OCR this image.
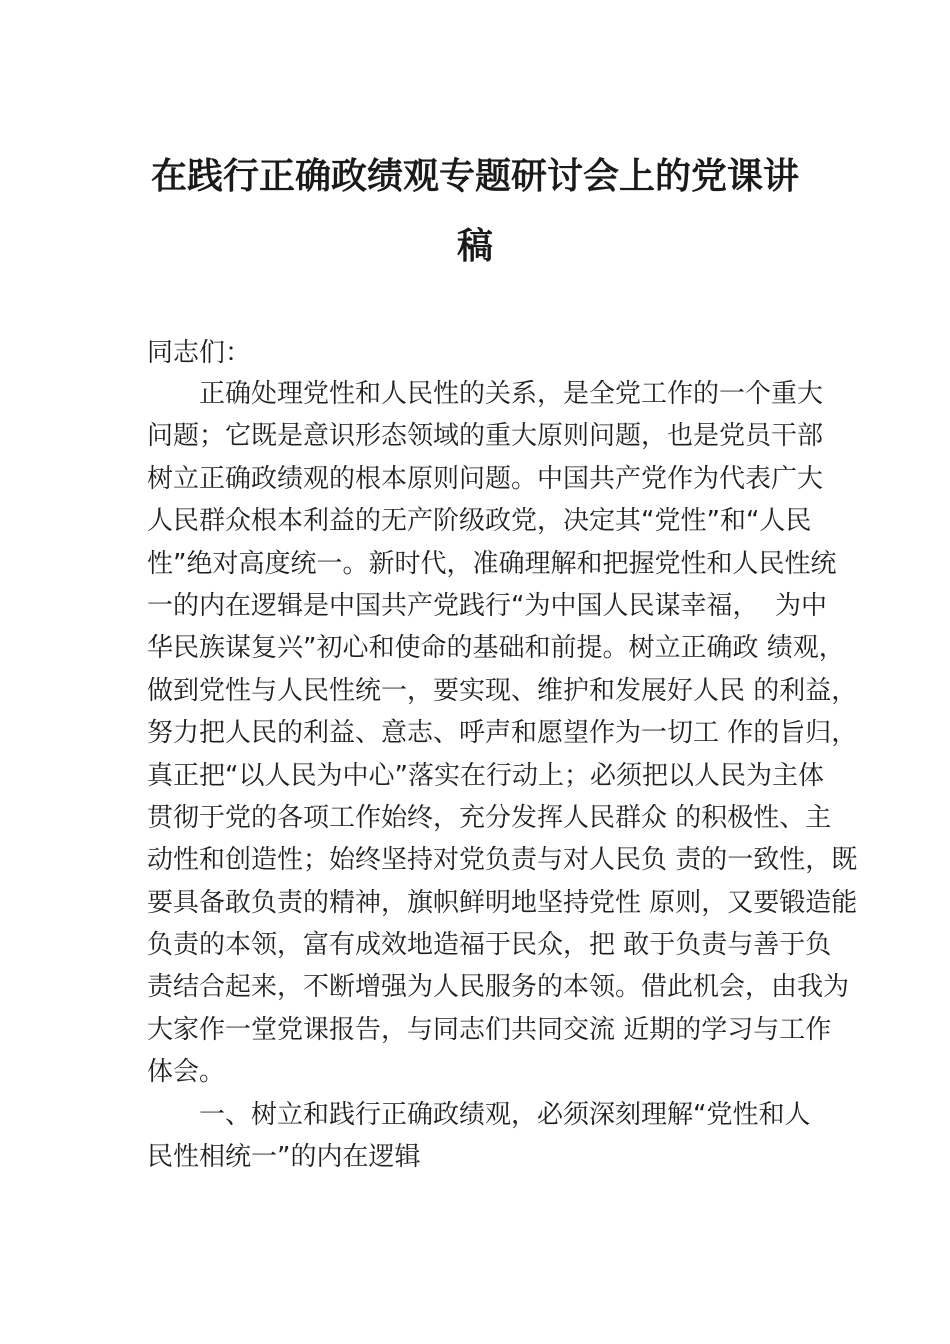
在践行正确政绩观专题研讨会上的党课讲
稿
同志们：
正确处理党性和人民性的关系，是全党工作的一个重大
问题；它既是意识形态领域的重大原则问题，也是党员干部
树立正确政绩观的根本原则问题。中国共产党作为代表广大
人民群众根本利益的无产阶级政党，决定其“党性”和“人民
性”绝对高度统一。新时代，准确理解和把握党性和人民性统
一的内在逻辑是中国共产党践行“为中国人民谋幸福，  为中
华民族谋复兴”初心和使命的基础和前提。树立正确政 绩观，
做到党性与人民性统一，要实现、维护和发展好人民 的利益，
努力把人民的利益、意志、呼声和愿望作为一切工 作的旨归，
真正把“以人民为中心”落实在行动上；必须把以人民为主体
贯彻于党的各项工作始终，充分发挥人民群众 的积极性、主
动性和创造性；始终坚持对党负责与对人民负 责的一致性，既
要具备敢负责的精神，旗帜鲜明地坚持党性 原则，又要锻造能
负责的本领，富有成效地造福于民众，把 敢于负责与善于负
责结合起来，不断增强为人民服务的本领。借此机会，由我为
大家作一堂党课报告，与同志们共同交流 近期的学习与工作
体会。
一、树立和践行正确政绩观，必须深刻理解“党性和人
民性相统一”的内在逻辑
